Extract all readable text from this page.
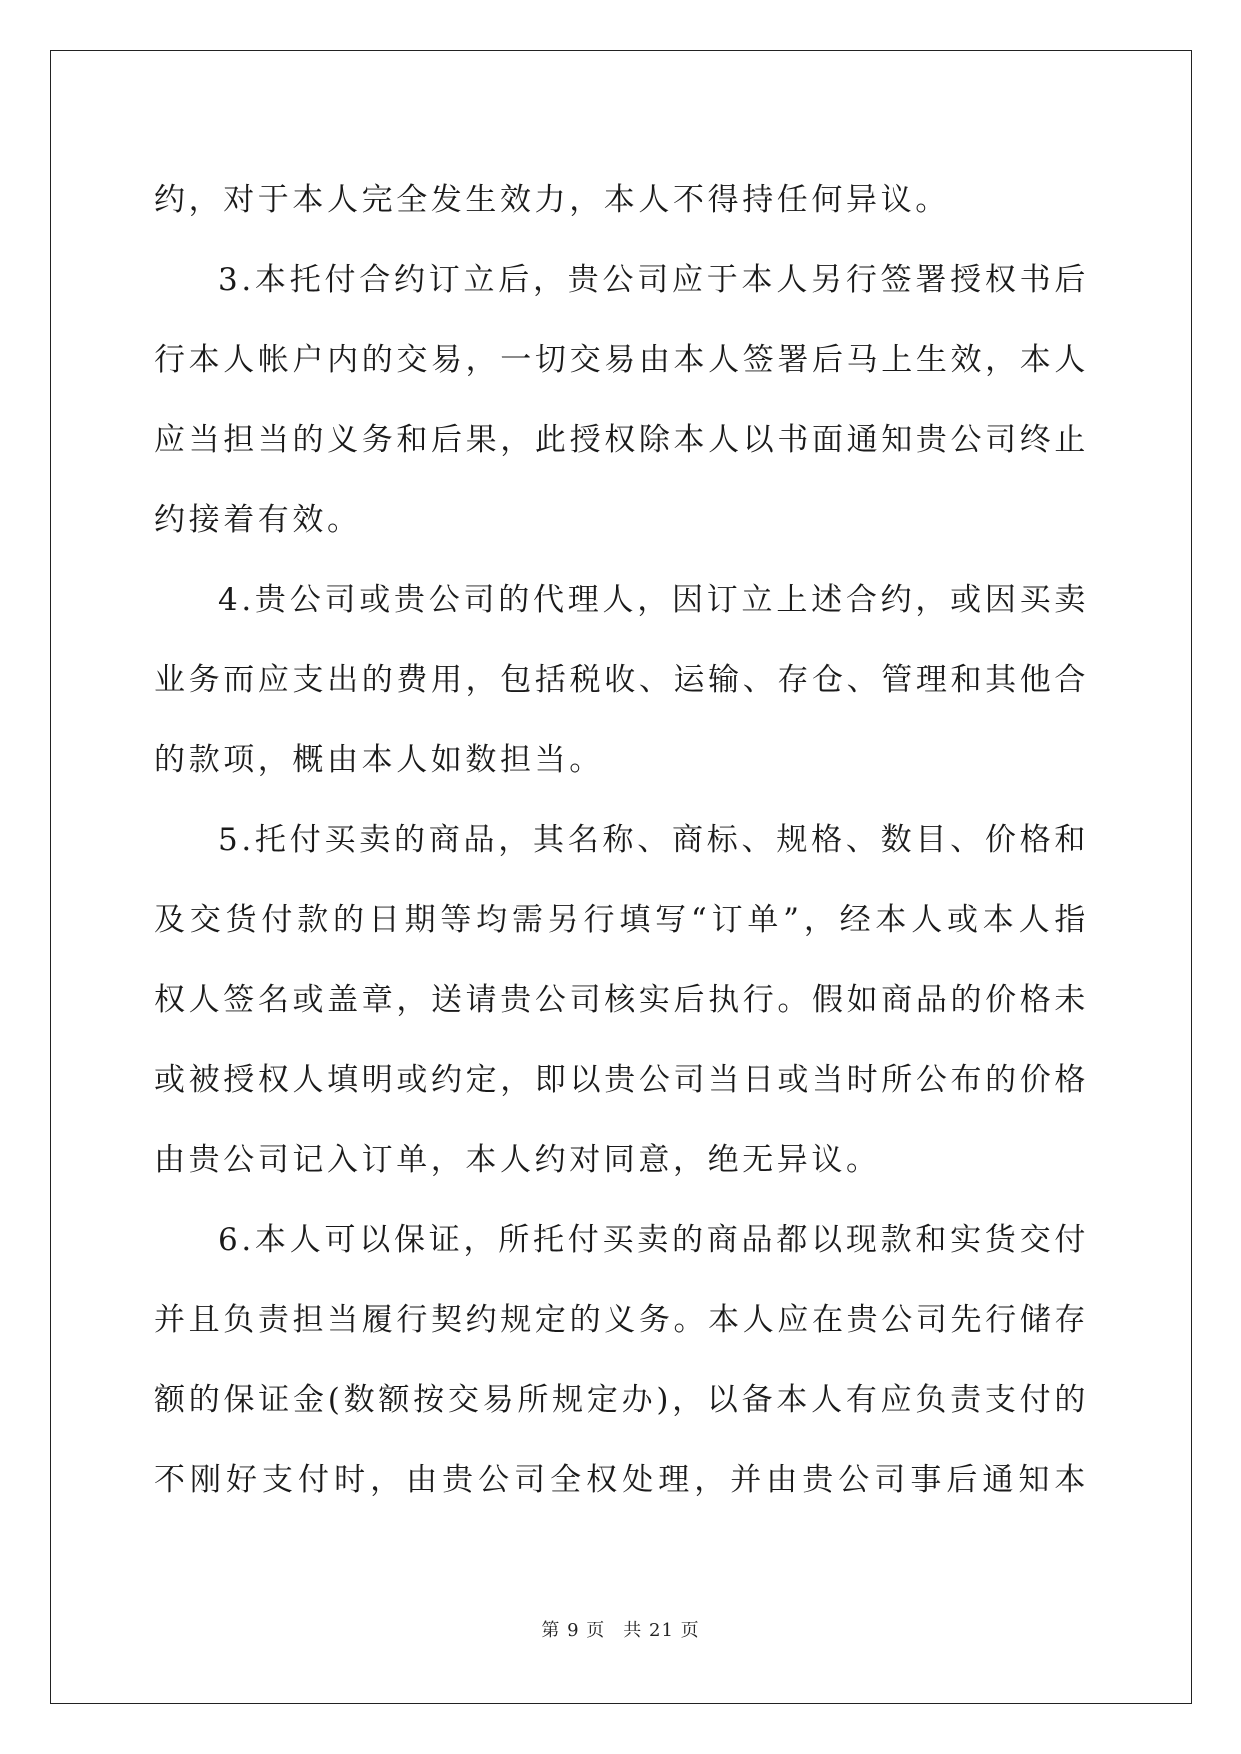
约，对于本人完全发生效力，本人不得持任何异议。
3.本托付合约订立后，贵公司应于本人另行签署授权书后
行本人帐户内的交易，一切交易由本人签署后马上生效，本人
应当担当的义务和后果，此授权除本人以书面通知贵公司终止
约接着有效。
4.贵公司或贵公司的代理人，因订立上述合约，或因买卖
业务而应支出的费用，包括税收、运输、存仓、管理和其他合
的款项，概由本人如数担当。
5.托付买卖的商品，其名称、商标、规格、数目、价格和
及交货付款的日期等均需另行填写“订单”，经本人或本人指
权人签名或盖章，送请贵公司核实后执行。假如商品的价格未
或被授权人填明或约定，即以贵公司当日或当时所公布的价格
由贵公司记入订单，本人约对同意，绝无异议。
6.本人可以保证，所托付买卖的商品都以现款和实货交付
并且负责担当履行契约规定的义务。本人应在贵公司先行储存
额的保证金(数额按交易所规定办)，以备本人有应负责支付的
不刚好支付时，由贵公司全权处理，并由贵公司事后通知本
第 9 页 共 21 页
